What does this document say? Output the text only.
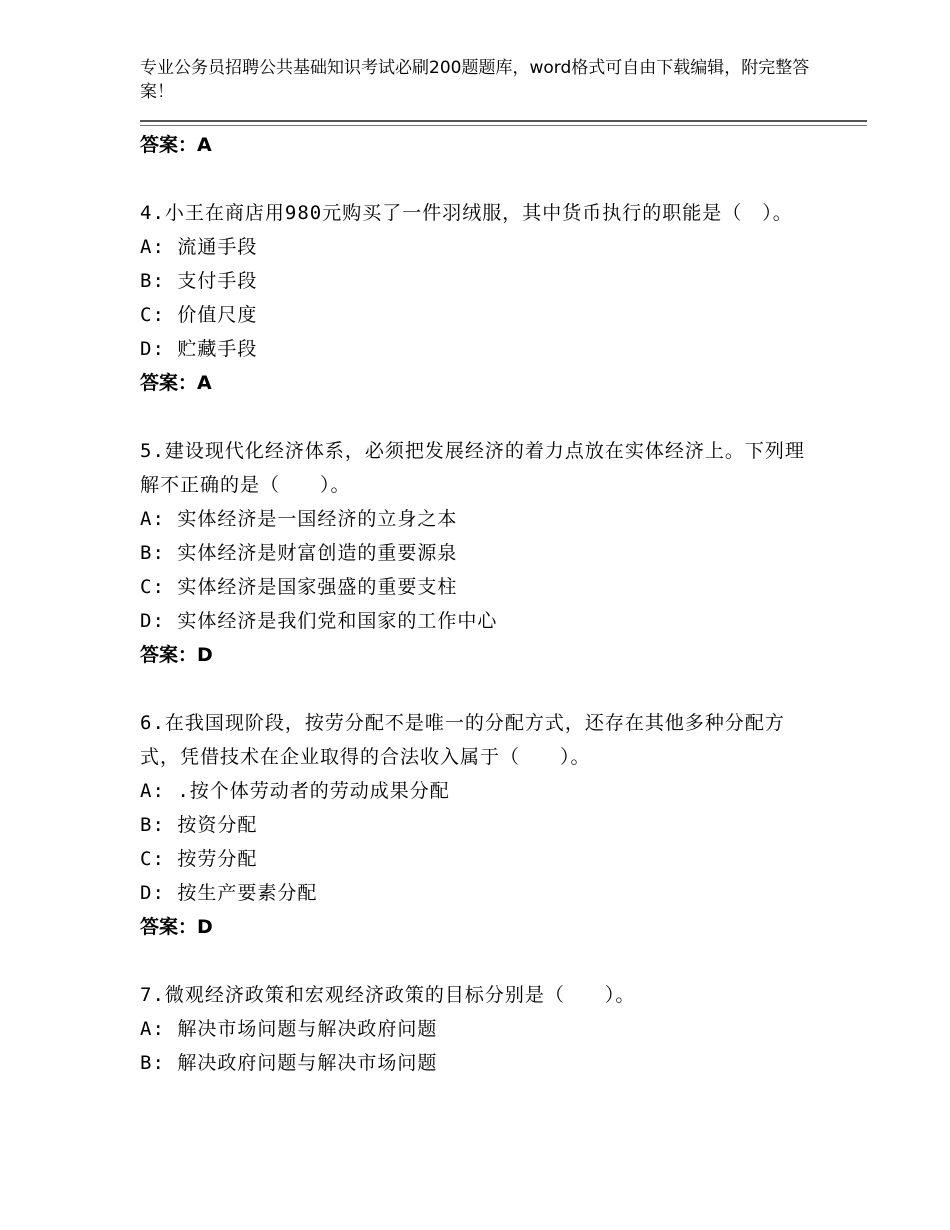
专业公务员招聘公共基础知识考试必刷200题题库，word格式可自由下载编辑，附完整答案！
答案：A
4.小王在商店用980元购买了一件羽绒服，其中货币执行的职能是（　）。
A: 流通手段
B: 支付手段
C: 价值尺度
D: 贮藏手段
答案：A
5.建设现代化经济体系，必须把发展经济的着力点放在实体经济上。下列理解不正确的是（　　）。
A: 实体经济是一国经济的立身之本
B: 实体经济是财富创造的重要源泉
C: 实体经济是国家强盛的重要支柱
D: 实体经济是我们党和国家的工作中心
答案：D
6.在我国现阶段，按劳分配不是唯一的分配方式，还存在其他多种分配方式，凭借技术在企业取得的合法收入属于（　　）。
A: .按个体劳动者的劳动成果分配
B: 按资分配
C: 按劳分配
D: 按生产要素分配
答案：D
7.微观经济政策和宏观经济政策的目标分别是（　　）。
A: 解决市场问题与解决政府问题
B: 解决政府问题与解决市场问题
